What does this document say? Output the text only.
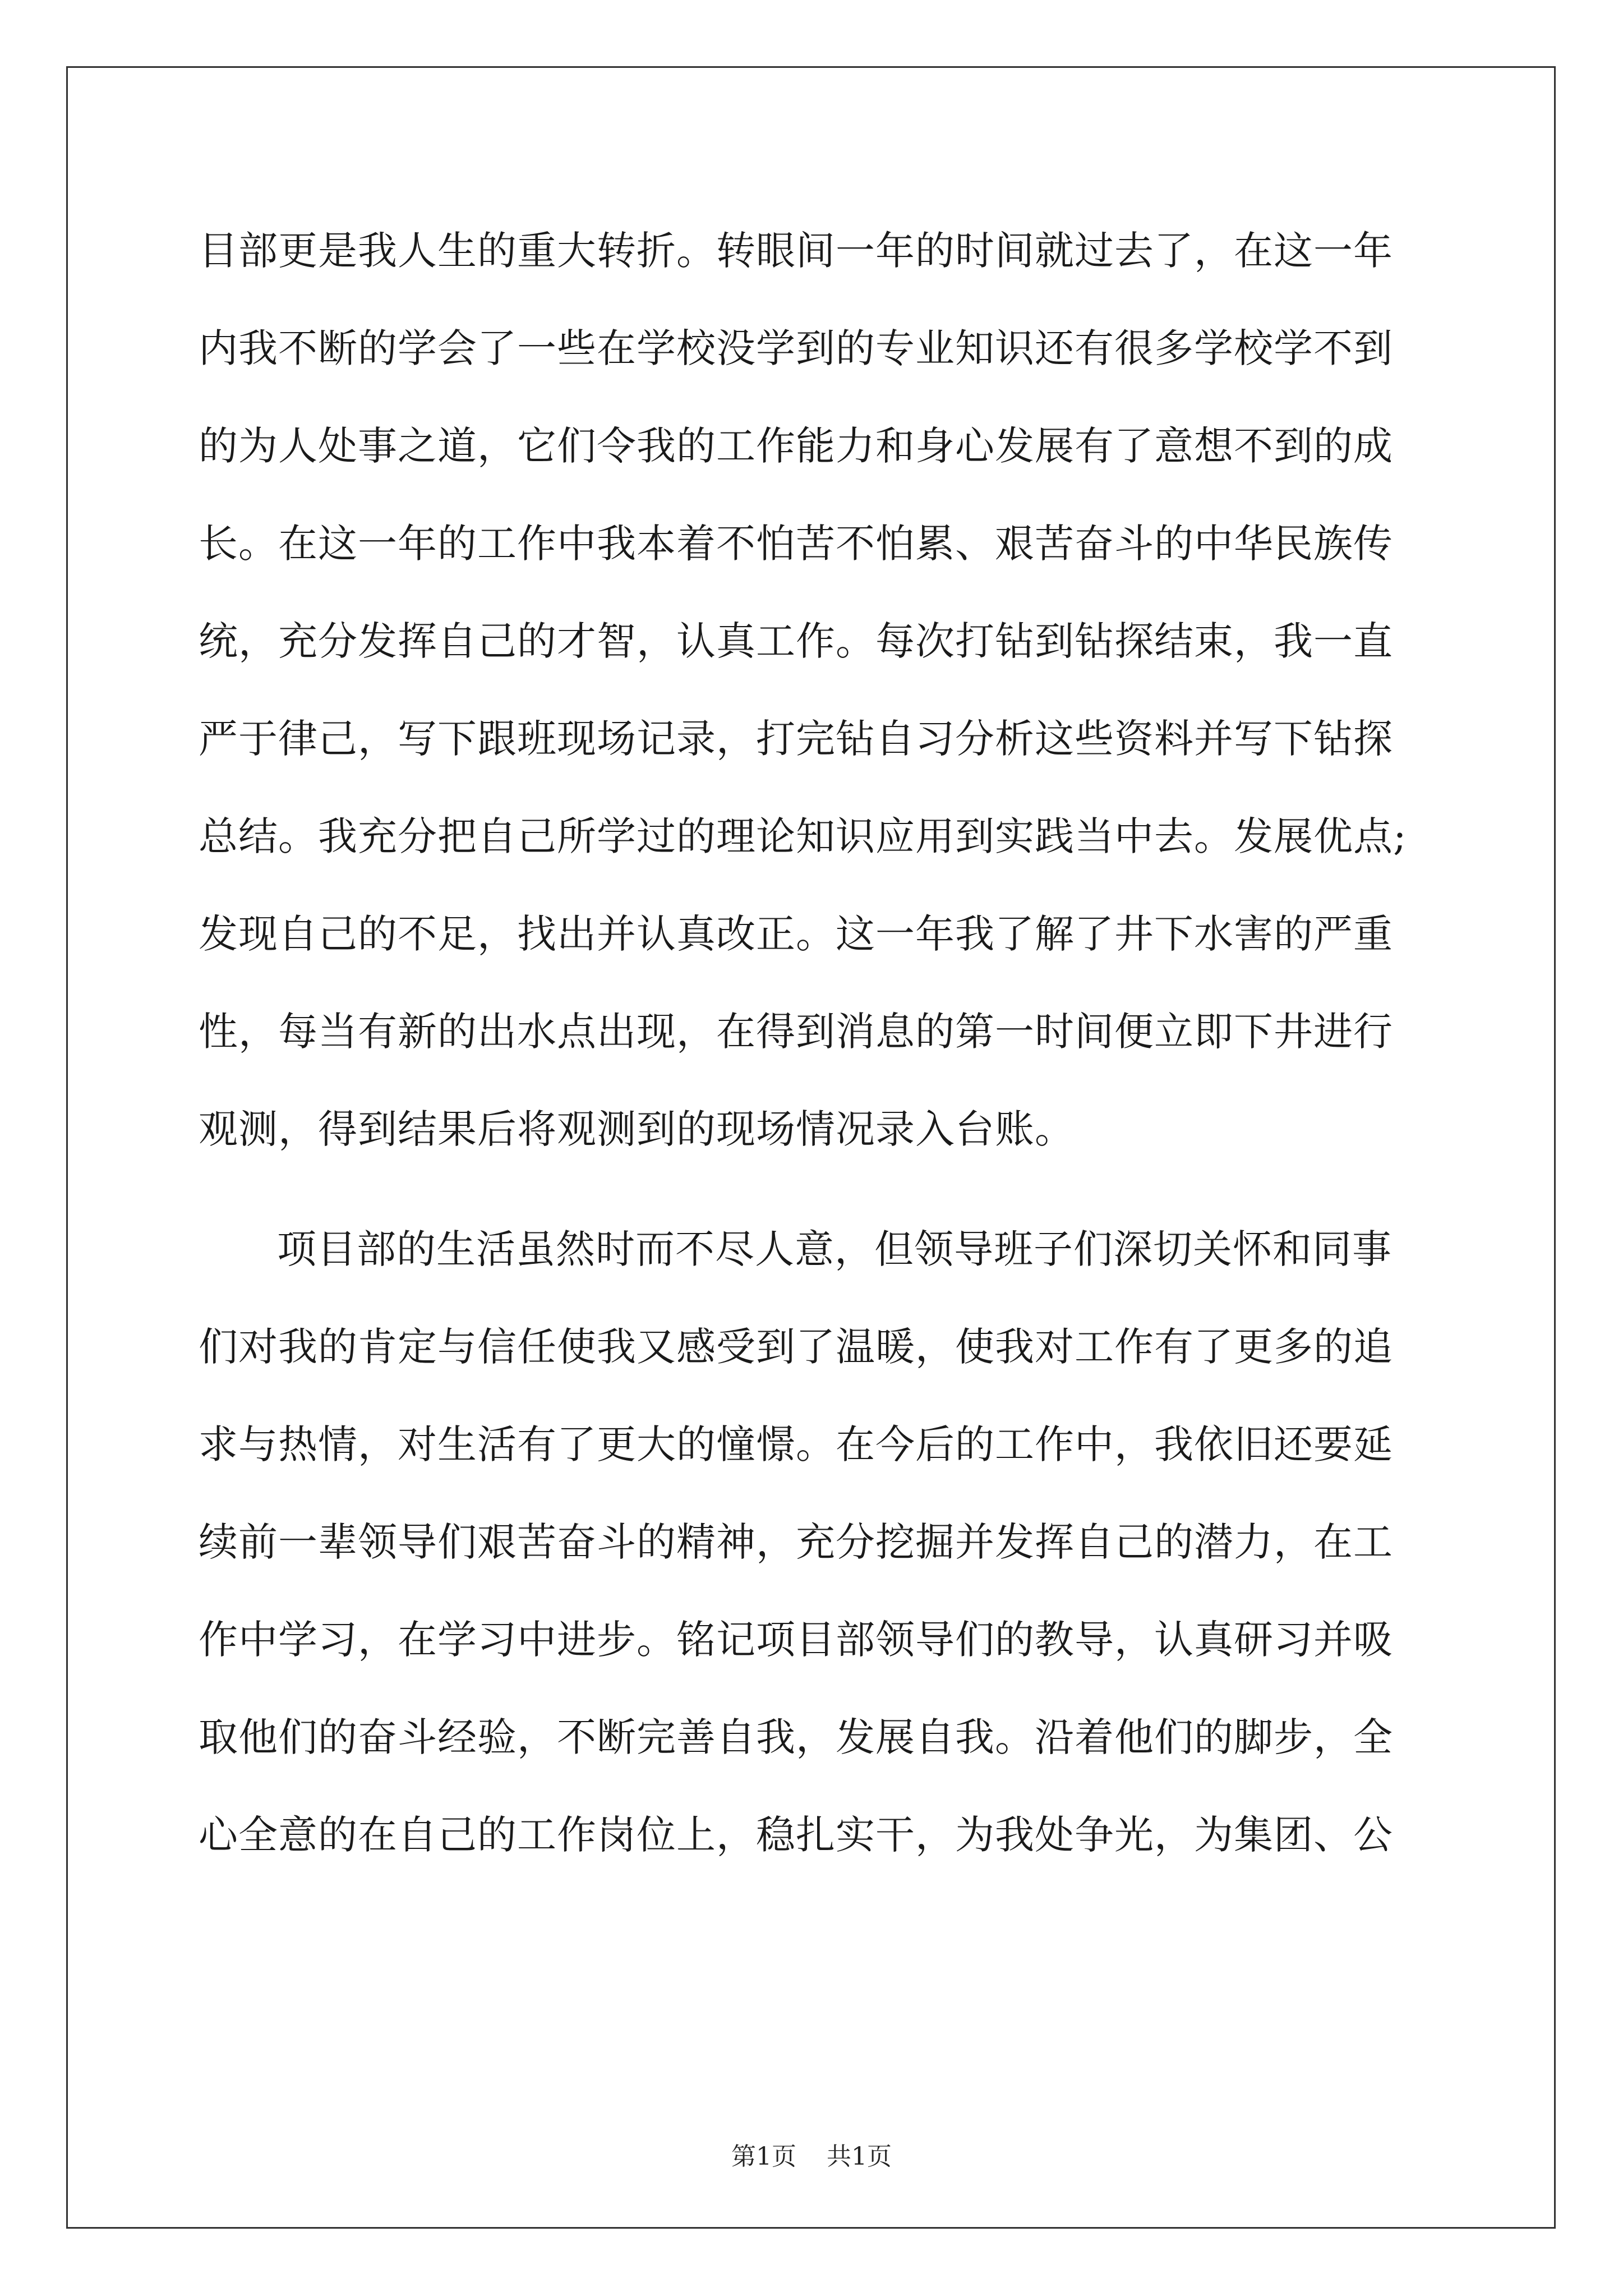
目部更是我人生的重大转折。转眼间一年的时间就过去了，在这一年
内我不断的学会了一些在学校没学到的专业知识还有很多学校学不到
的为人处事之道，它们令我的工作能力和身心发展有了意想不到的成
长。在这一年的工作中我本着不怕苦不怕累、艰苦奋斗的中华民族传
统，充分发挥自己的才智，认真工作。每次打钻到钻探结束，我一直
严于律己，写下跟班现场记录，打完钻自习分析这些资料并写下钻探
总结。我充分把自己所学过的理论知识应用到实践当中去。发展优点;
发现自己的不足，找出并认真改正。这一年我了解了井下水害的严重
性，每当有新的出水点出现，在得到消息的第一时间便立即下井进行
观测，得到结果后将观测到的现场情况录入台账。
项目部的生活虽然时而不尽人意，但领导班子们深切关怀和同事
们对我的肯定与信任使我又感受到了温暖，使我对工作有了更多的追
求与热情，对生活有了更大的憧憬。在今后的工作中，我依旧还要延
续前一辈领导们艰苦奋斗的精神，充分挖掘并发挥自己的潜力，在工
作中学习，在学习中进步。铭记项目部领导们的教导，认真研习并吸
取他们的奋斗经验，不断完善自我，发展自我。沿着他们的脚步，全
心全意的在自己的工作岗位上，稳扎实干，为我处争光，为集团、公
第1页 共1页
